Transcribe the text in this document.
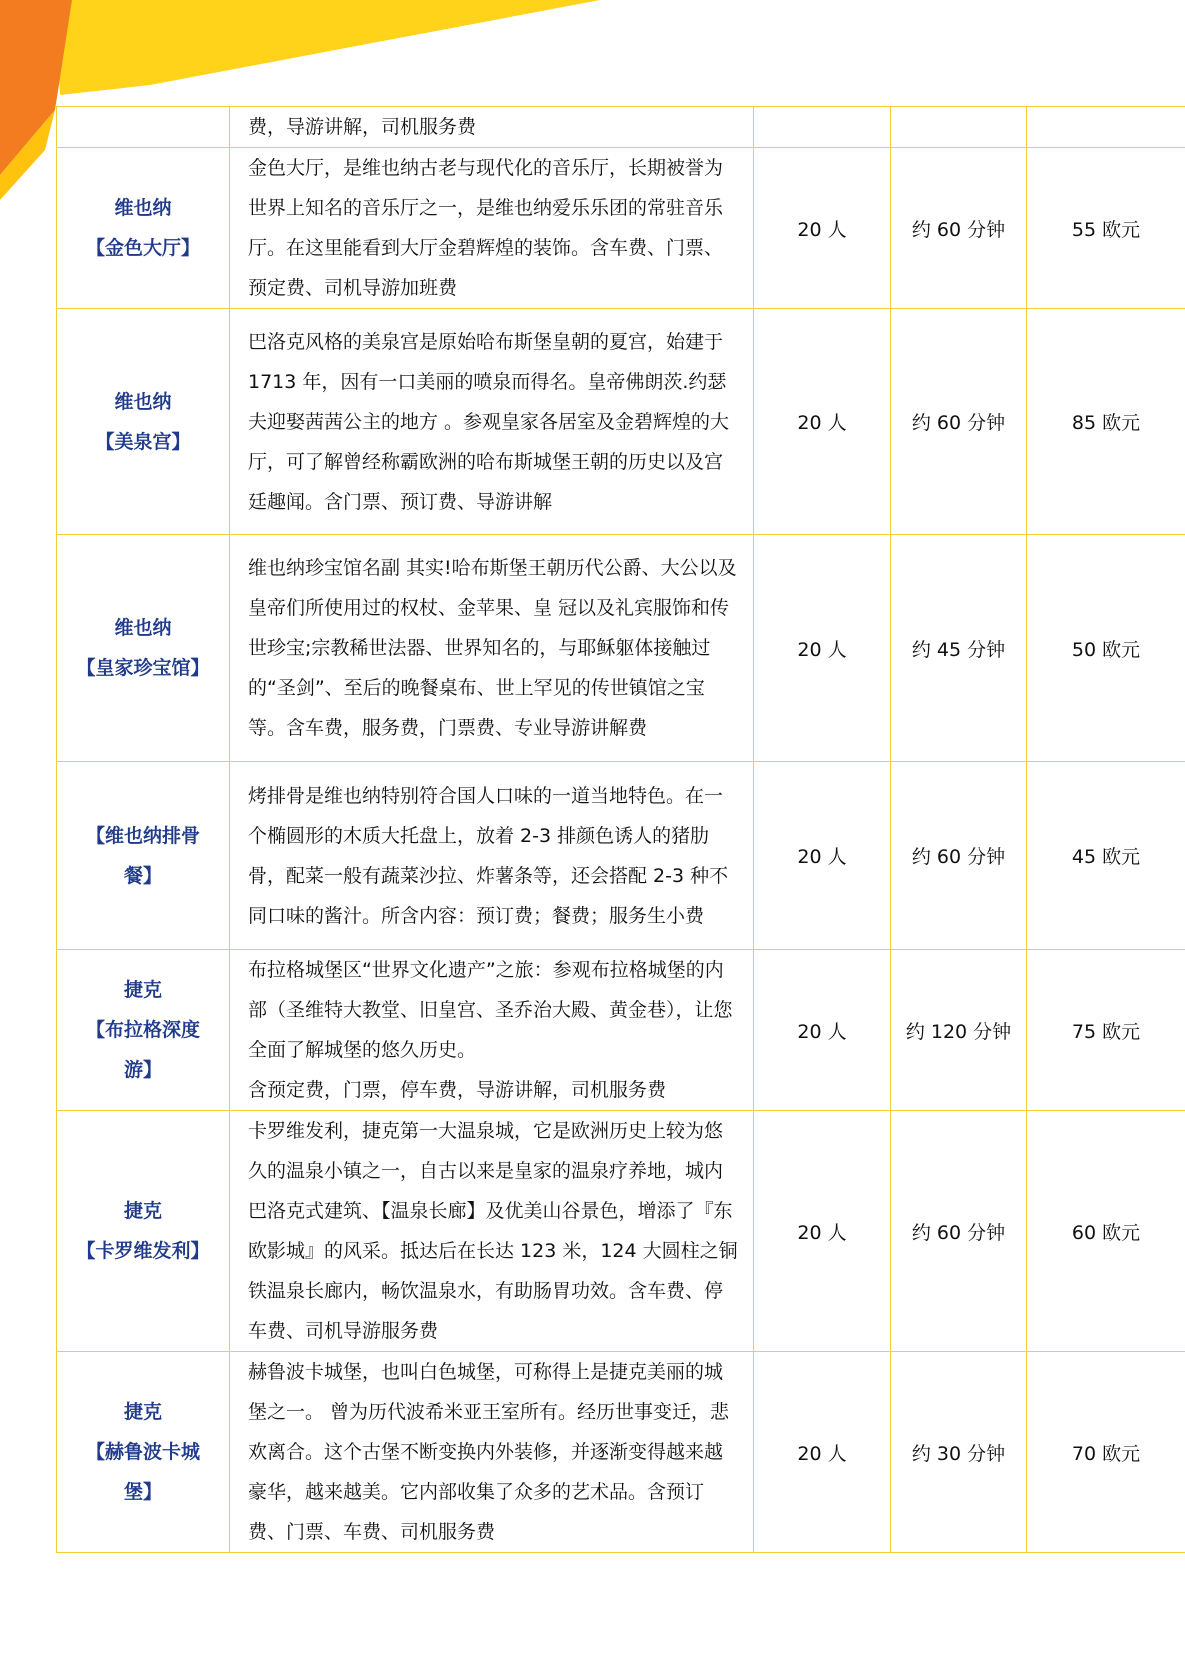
	费，导游讲解，司机服务费			

维也纳
【金色大厅】	金色大厅，是维也纳古老与现代化的音乐厅，长期被誉为世界上知名的音乐厅之一，是维也纳爱乐乐团的常驻音乐厅。在这里能看到大厅金碧辉煌的装饰。含车费、门票、预定费、司机导游加班费	20 人	约 60 分钟	55 欧元

维也纳
【美泉宫】	巴洛克风格的美泉宫是原始哈布斯堡皇朝的夏宫，始建于 1713 年，因有一口美丽的喷泉而得名。皇帝佛朗茨.约瑟夫迎娶茜茜公主的地方 。参观皇家各居室及金碧辉煌的大厅，可了解曾经称霸欧洲的哈布斯城堡王朝的历史以及宫廷趣闻。含门票、预订费、导游讲解	20 人	约 60 分钟	85 欧元

维也纳
【皇家珍宝馆】	维也纳珍宝馆名副 其实!哈布斯堡王朝历代公爵、大公以及皇帝们所使用过的权杖、金苹果、皇 冠以及礼宾服饰和传世珍宝;宗教稀世法器、世界知名的，与耶稣躯体接触过 的“圣剑”、至后的晚餐桌布、世上罕见的传世镇馆之宝等。含车费，服务费，门票费、专业导游讲解费	20 人	约 45 分钟	50 欧元

【维也纳排骨
餐】	烤排骨是维也纳特别符合国人口味的一道当地特色。在一个椭圆形的木质大托盘上，放着 2-3 排颜色诱人的猪肋骨，配菜一般有蔬菜沙拉、炸薯条等，还会搭配 2-3 种不同口味的酱汁。所含内容：预订费；餐费；服务生小费	20 人	约 60 分钟	45 欧元

捷克
【布拉格深度
游】	布拉格城堡区“世界文化遗产”之旅：参观布拉格城堡的内部（圣维特大教堂、旧皇宫、圣乔治大殿、黄金巷），让您全面了解城堡的悠久历史。
含预定费，门票，停车费，导游讲解，司机服务费	20 人	约 120 分钟	75 欧元

捷克
【卡罗维发利】	卡罗维发利，捷克第一大温泉城，它是欧洲历史上较为悠久的温泉小镇之一，自古以来是皇家的温泉疗养地，城内巴洛克式建筑、【温泉长廊】及优美山谷景色，增添了『东欧影城』的风采。抵达后在长达 123 米，124 大圆柱之铜铁温泉长廊内，畅饮温泉水，有助肠胃功效。含车费、停车费、司机导游服务费	20 人	约 60 分钟	60 欧元

捷克
【赫鲁波卡城
堡】	赫鲁波卡城堡，也叫白色城堡，可称得上是捷克美丽的城堡之一。 曾为历代波希米亚王室所有。经历世事变迁，悲欢离合。这个古堡不断变换内外装修，并逐渐变得越来越豪华，越来越美。它内部收集了众多的艺术品。含预订费、门票、车费、司机服务费	20 人	约 30 分钟	70 欧元
